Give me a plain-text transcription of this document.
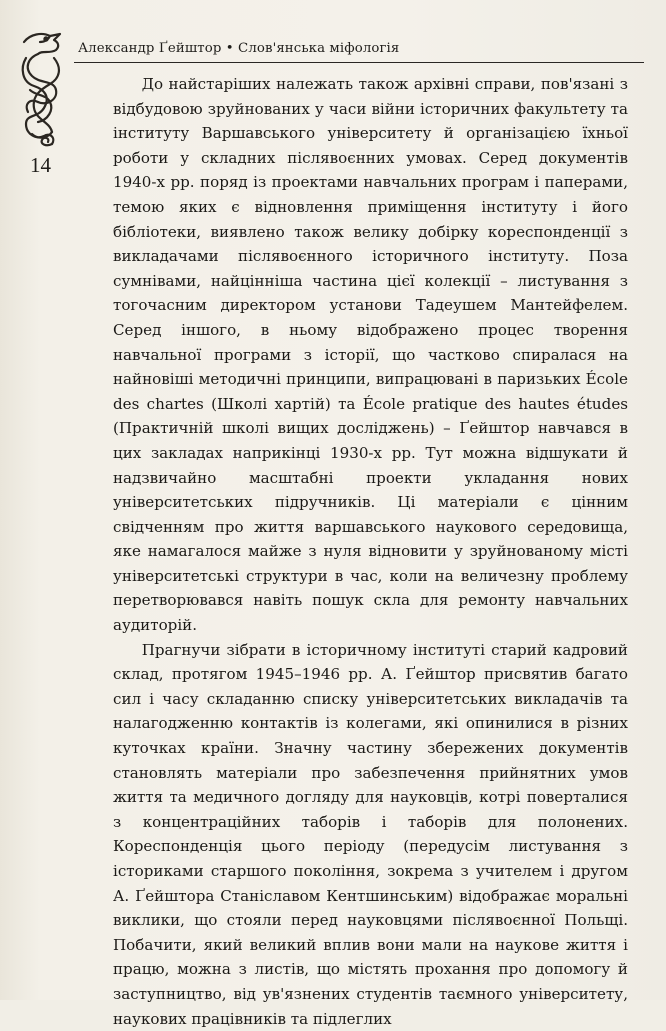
Александр Ґейштор • Слов'янська міфологія
14

До найстаріших належать також архівні справи, пов'язані з відбудовою зруйнованих у часи війни історичних факультету та інституту Варшавського університету й організацією їхньої роботи у складних післявоєнних умовах. Серед документів 1940-х рр. поряд із проектами навчальних програм і паперами, темою яких є відновлення приміщення інституту і його бібліотеки, виявлено також велику добірку кореспонденції з викладачами післявоєнного історичного інституту. Поза сумнівами, найцінніша частина цієї колекції – листування з тогочасним директором установи Тадеушем Мантейфелем. Серед іншого, в ньому відображено процес творення навчальної програми з історії, що частково спиралася на найновіші методичні принципи, випрацювані в паризьких École des chartes (Школі хартій) та École pratique des hautes études (Практичній школі вищих досліджень) – Ґейштор навчався в цих закладах наприкінці 1930-х рр. Тут можна відшукати й надзвичайно масштабні проекти укладання нових університетських підручників. Ці матеріали є цінним свідченням про життя варшавського наукового середовища, яке намагалося майже з нуля відновити у зруйнованому місті університетські структури в час, коли на величезну проблему перетворювався навіть пошук скла для ремонту навчальних аудиторій.

Прагнучи зібрати в історичному інституті старий кадровий склад, протягом 1945–1946 рр. А. Ґейштор присвятив багато сил і часу складанню списку університетських викладачів та налагодженню контактів із колегами, які опинилися в різних куточках країни. Значну частину збережених документів становлять матеріали про забезпечення прийнятних умов життя та медичного догляду для науковців, котрі поверталися з концентраційних таборів і таборів для полонених. Кореспонденція цього періоду (передусім листування з істориками старшого покоління, зокрема з учителем і другом А. Ґейштора Станіславом Кентшинським) відображає моральні виклики, що стояли перед науковцями післявоєнної Польщі. Побачити, який великий вплив вони мали на наукове життя і працю, можна з листів, що містять прохання про допомогу й заступництво, від ув'язнених студентів таємного університету, наукових працівників та підлеглих
